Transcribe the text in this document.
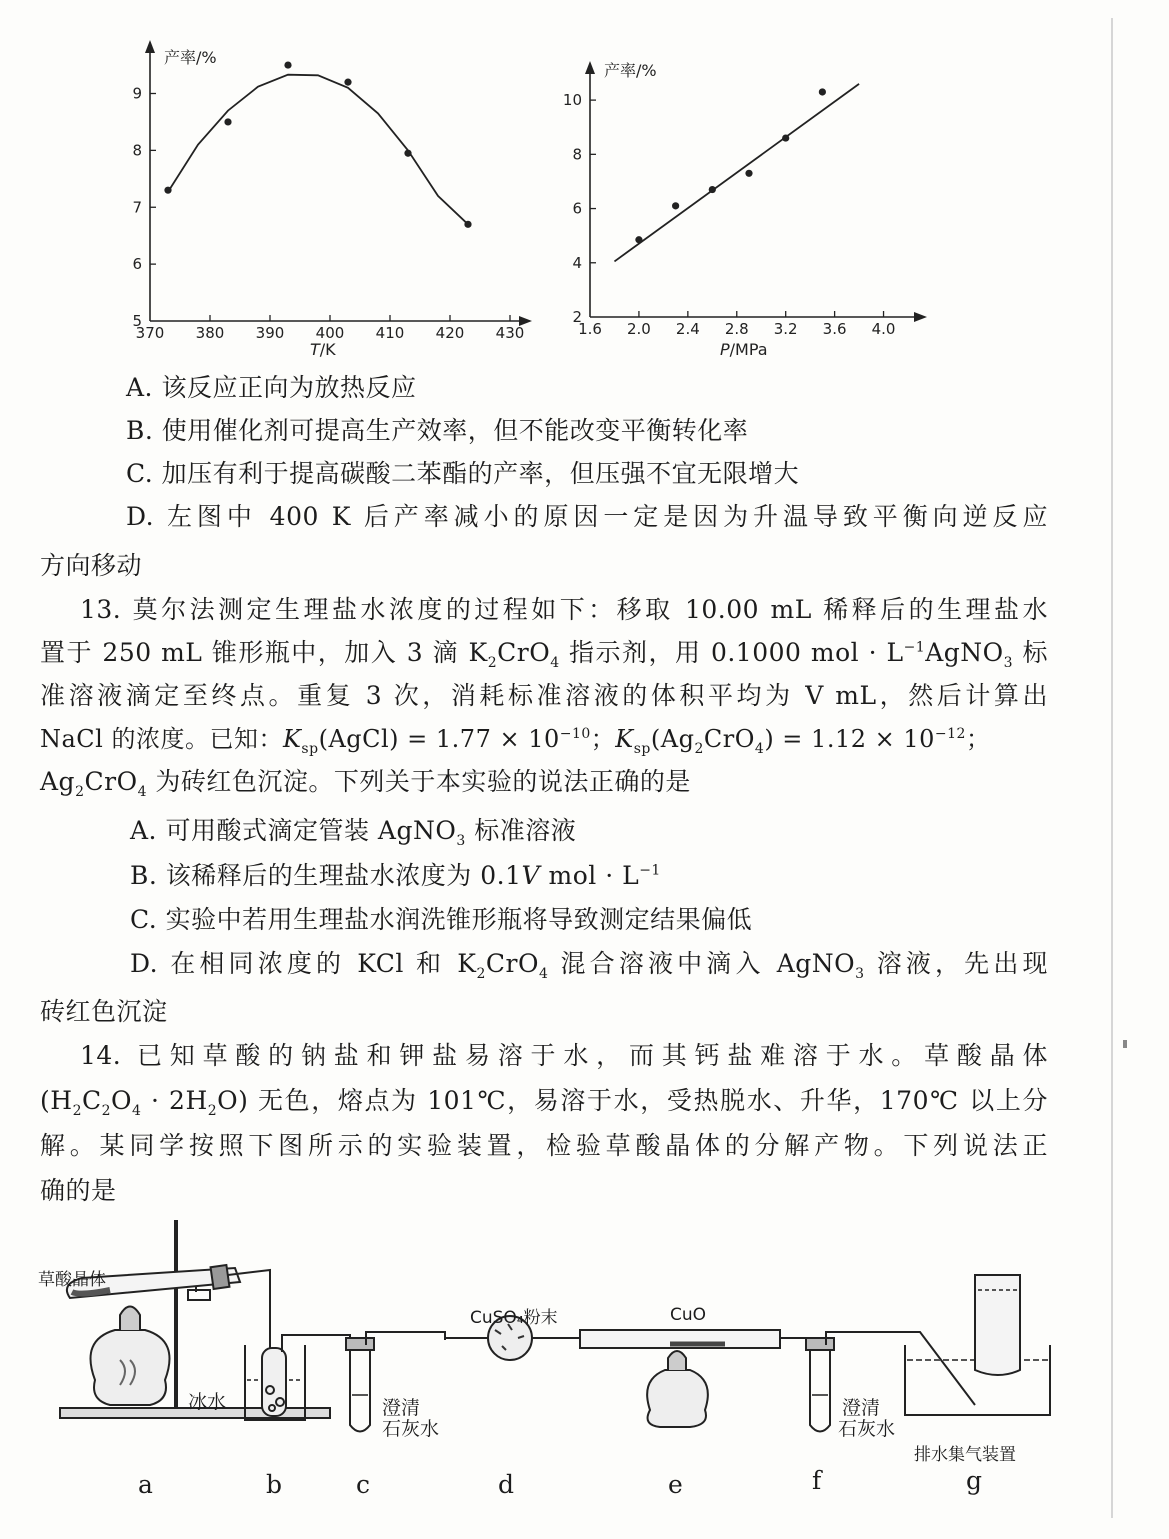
产率/%
370 380 390 400 410 420 430
5
6
7
8
9
T/K
产率/%
1.6 2.0 2.4 2.8 3.2 3.6 4.0
2
4
6
8
10
P/MPa
A. 该反应正向为放热反应
B. 使用催化剂可提高生产效率，但不能改变平衡转化率
C. 加压有利于提高碳酸二苯酯的产率，但压强不宜无限增大
D. 左图中 400 K 后产率减小的原因一定是因为升温导致平衡向逆反应
方向移动
13. 莫尔法测定生理盐水浓度的过程如下：移取 10.00 mL 稀释后的生理盐水
置于 250 mL 锥形瓶中，加入 3 滴 $K_2CrO_4$ 指示剂，用 0.1000 mol · $L^{-1}AgNO_3$ 标
准溶液滴定至终点。重复 3 次，消耗标准溶液的体积平均为 V mL，然后计算出
NaCl 的浓度。已知：$K_{sp}(AgCl) = 1.77 \times 10^{-10}$；$K_{sp}(Ag_2CrO_4) = 1.12 \times 10^{-12}$；
$Ag_2CrO_4$ 为砖红色沉淀。下列关于本实验的说法正确的是
A. 可用酸式滴定管装 AgNO$_3$ 标准溶液
B. 该稀释后的生理盐水浓度为 0.1V mol · $L^{-1}$
C. 实验中若用生理盐水润洗锥形瓶将导致测定结果偏低
D. 在相同浓度的 KCl 和 $K_2CrO_4$ 混合溶液中滴入 AgNO$_3$ 溶液，先出现
砖红色沉淀
14. 已知草酸的钠盐和钾盐易溶于水，而其钙盐难溶于水。草酸晶体
$(H_2C_2O_4 \cdot 2H_2O)$ 无色，熔点为 101℃，易溶于水，受热脱水、升华，170℃ 以上分
解。某同学按照下图所示的实验装置，检验草酸晶体的分解产物。下列说法正
确的是
草酸晶体
冰水
CuSO₄粉末	CuO
澄清
石灰水
澄清
石灰水
排水集气装置
a	b	c	d	e	f	g
